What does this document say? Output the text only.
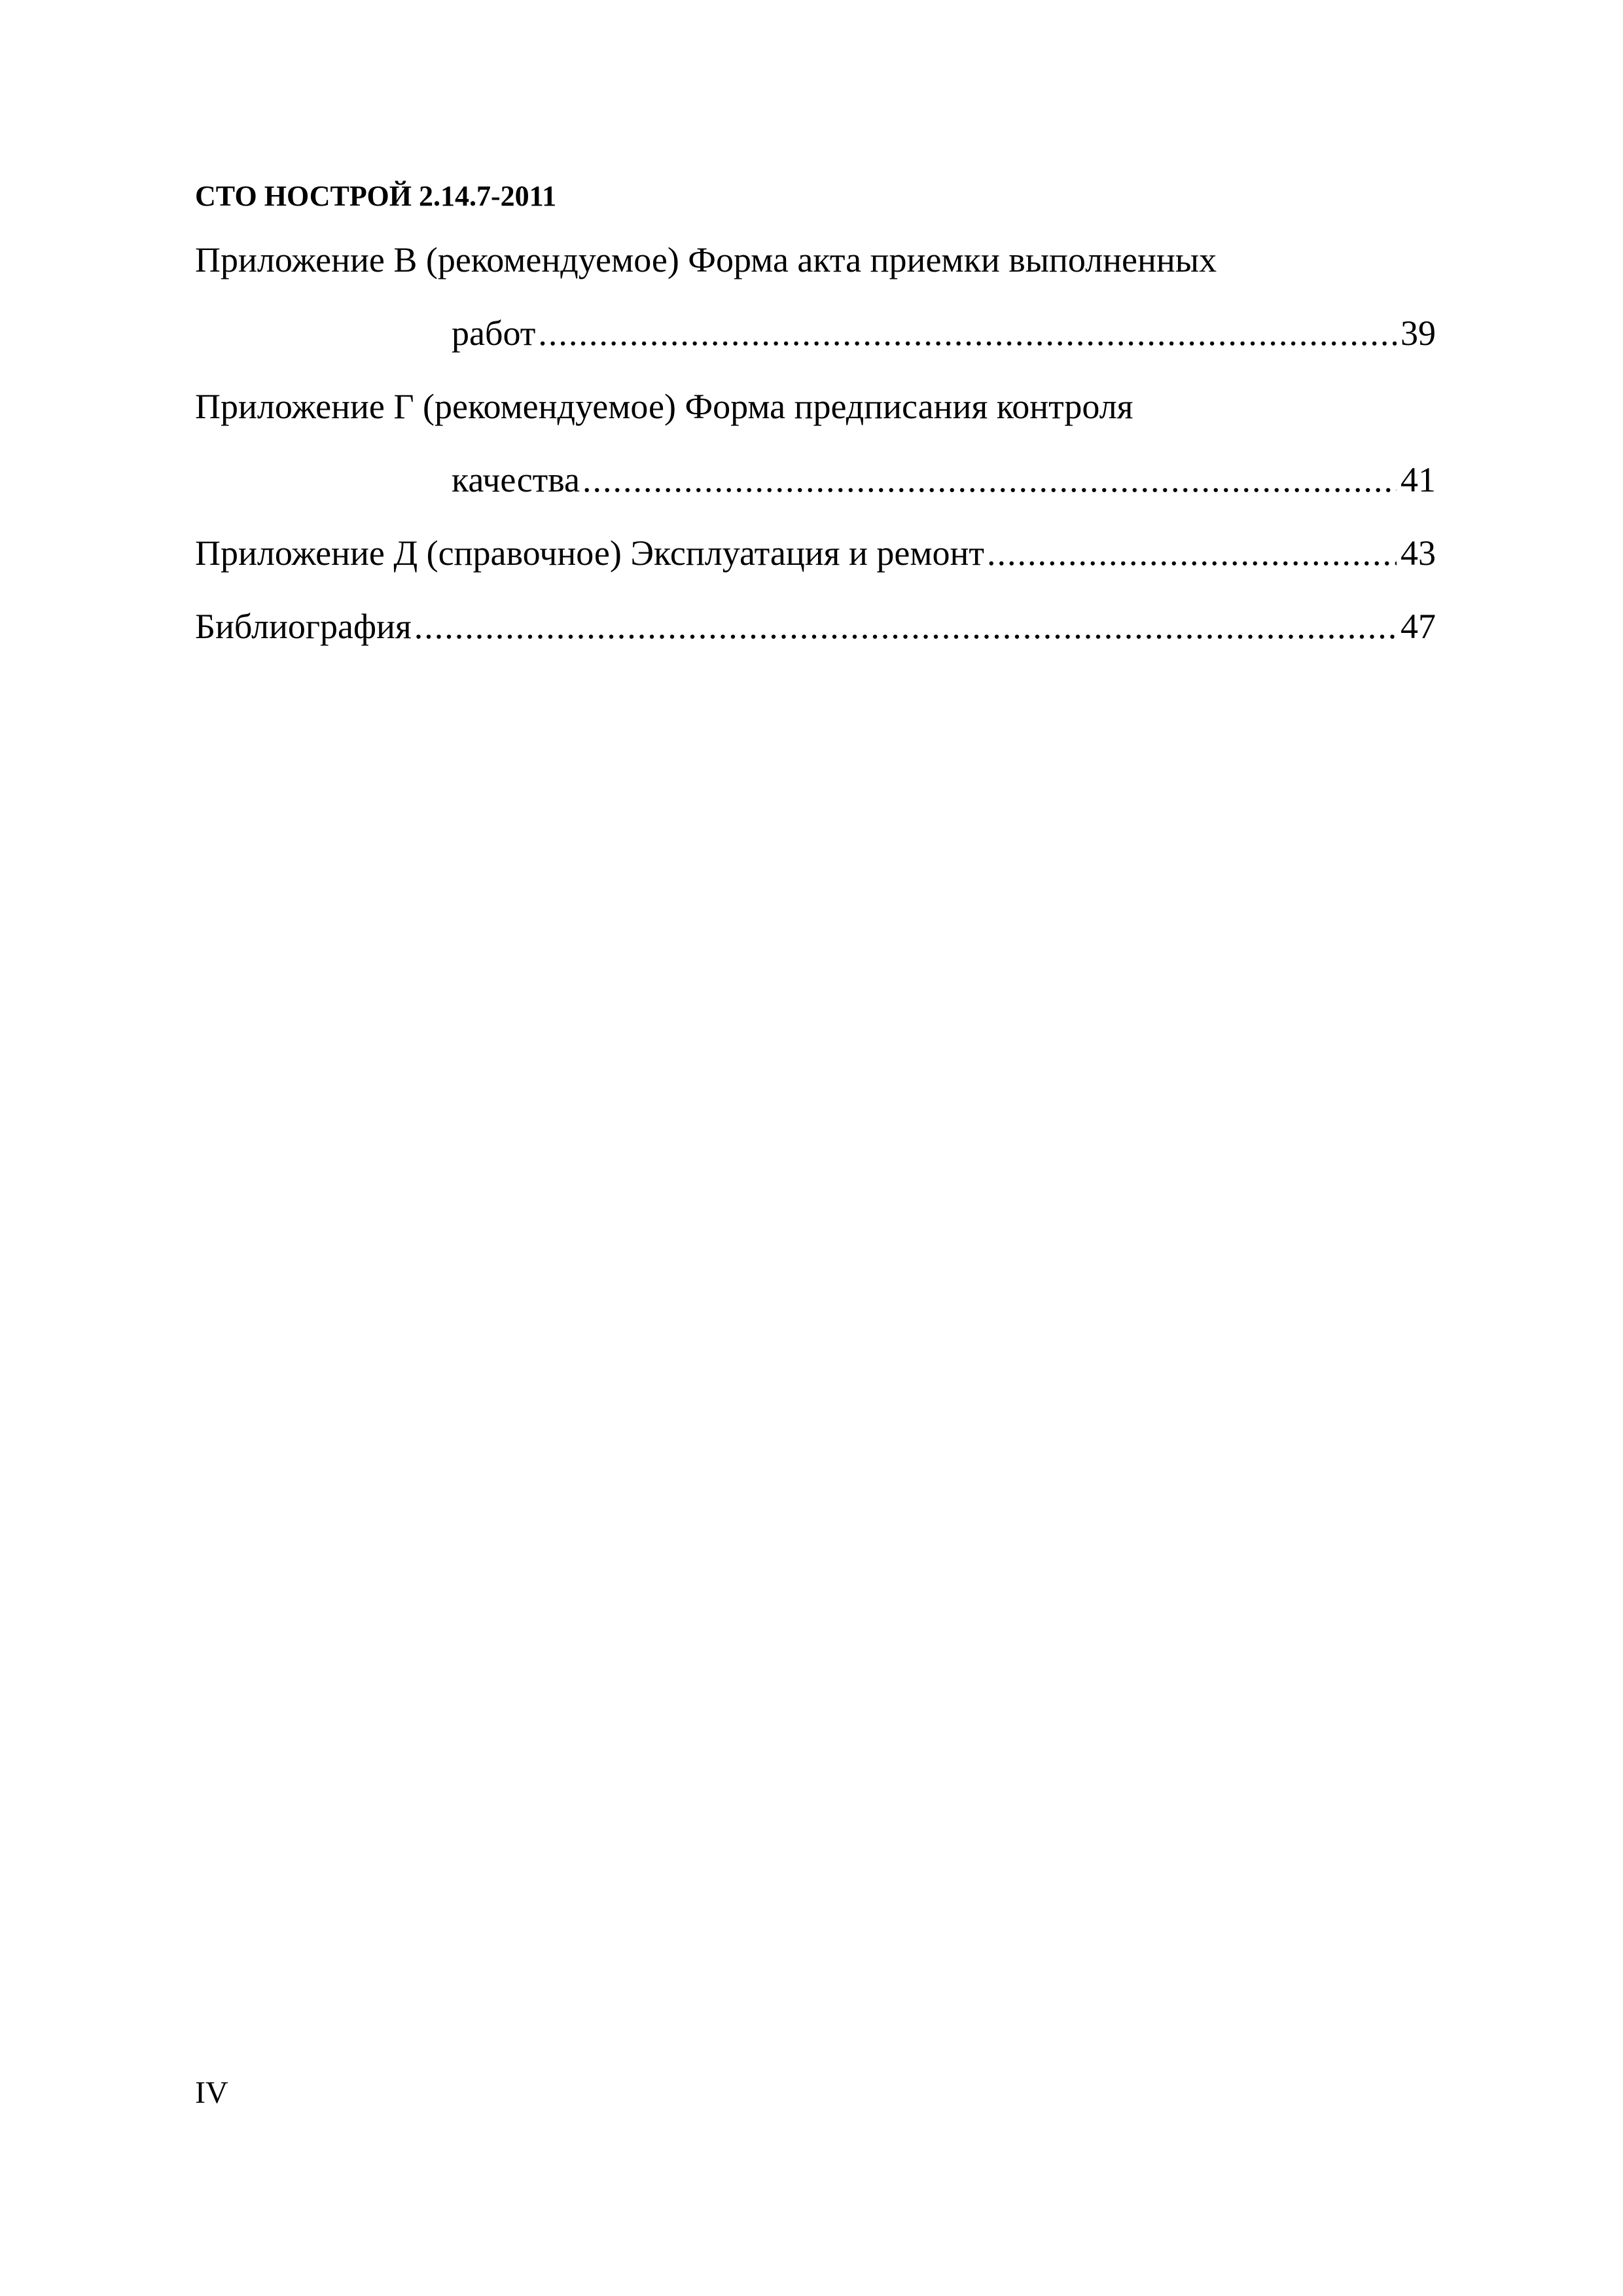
СТО НОСТРОЙ 2.14.7-2011
Приложение В (рекомендуемое) Форма акта приемки выполненных
работ .....	39
Приложение Г (рекомендуемое) Форма предписания контроля
качества .....	41
Приложение Д (справочное) Эксплуатация и ремонт .....	43
Библиография .....	47
IV
